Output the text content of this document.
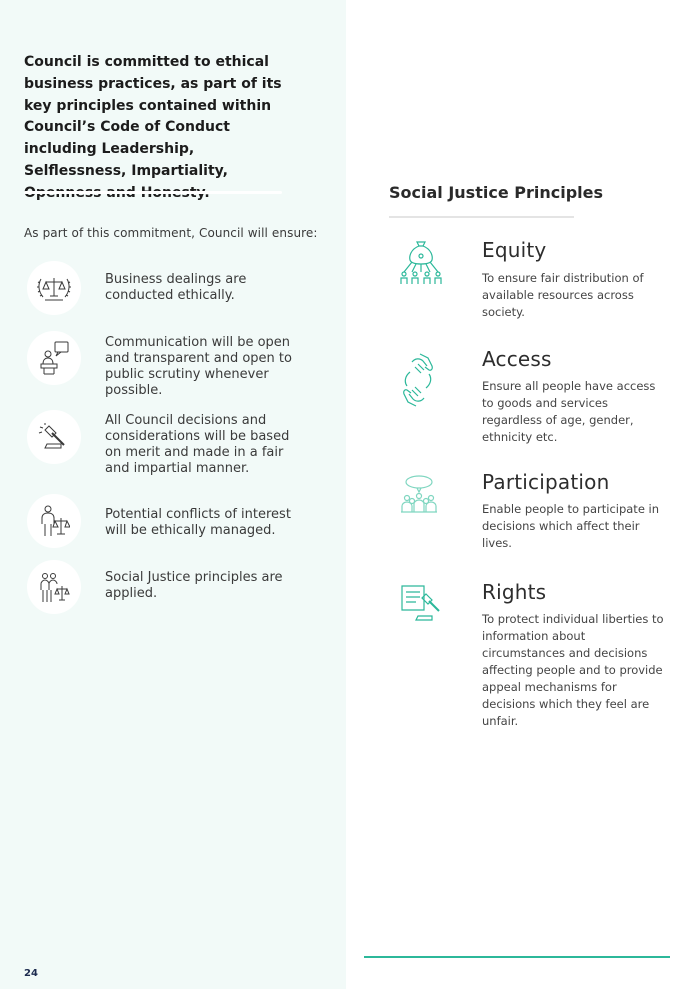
Council is committed to ethical business practices, as part of its key principles contained within Council’s Code of Conduct including Leadership, Selflessness, Impartiality,

As part of this commitment, Council will ensure:

Business dealings are conducted ethically.
Communication will be open and transparent and open to public scrutiny whenever possible.
All Council decisions and considerations will be based on merit and made in a fair and impartial manner.
Potential conflicts of interest will be ethically managed.
Social Justice principles are applied.
Social Justice Principles
Equity

To ensure fair distribution of available resources across society.

Access

Ensure all people have access to goods and services regardless of age, gender, ethnicity etc.

Participation

Enable people to participate in decisions which affect their lives.

Rights

To protect individual liberties to information about circumstances and decisions affecting people and to provide appeal mechanisms for decisions which they feel are unfair.

24
